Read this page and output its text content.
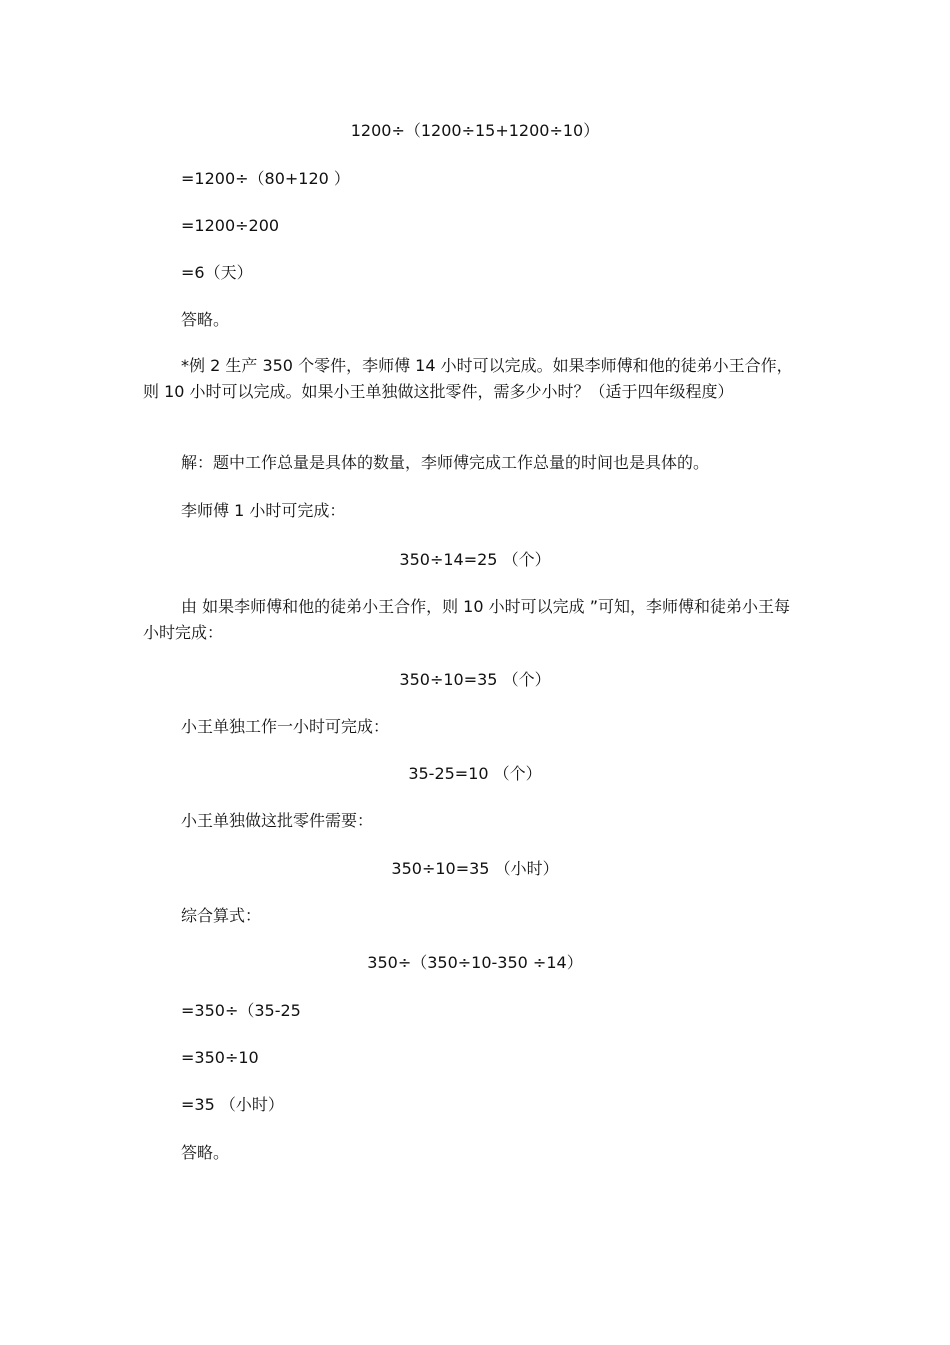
1200÷（1200÷15+1200÷10）
=1200÷（80+120 ）
=1200÷200
=6（天）
答略。
*例 2 生产 350 个零件，李师傅 14 小时可以完成。如果李师傅和他的徒弟小王合作，则 10 小时可以完成。如果小王单独做这批零件，需多少小时？（适于四年级程度）
解：题中工作总量是具体的数量，李师傅完成工作总量的时间也是具体的。
李师傅 1 小时可完成：
350÷14=25 （个）
由 如果李师傅和他的徒弟小王合作，则 10 小时可以完成 ”可知，李师傅和徒弟小王每小时完成：
350÷10=35 （个）
小王单独工作一小时可完成：
35-25=10 （个）
小王单独做这批零件需要：
350÷10=35 （小时）
综合算式：
350÷（350÷10-350 ÷14）
=350÷（35-25
=350÷10
=35 （小时）
答略。
